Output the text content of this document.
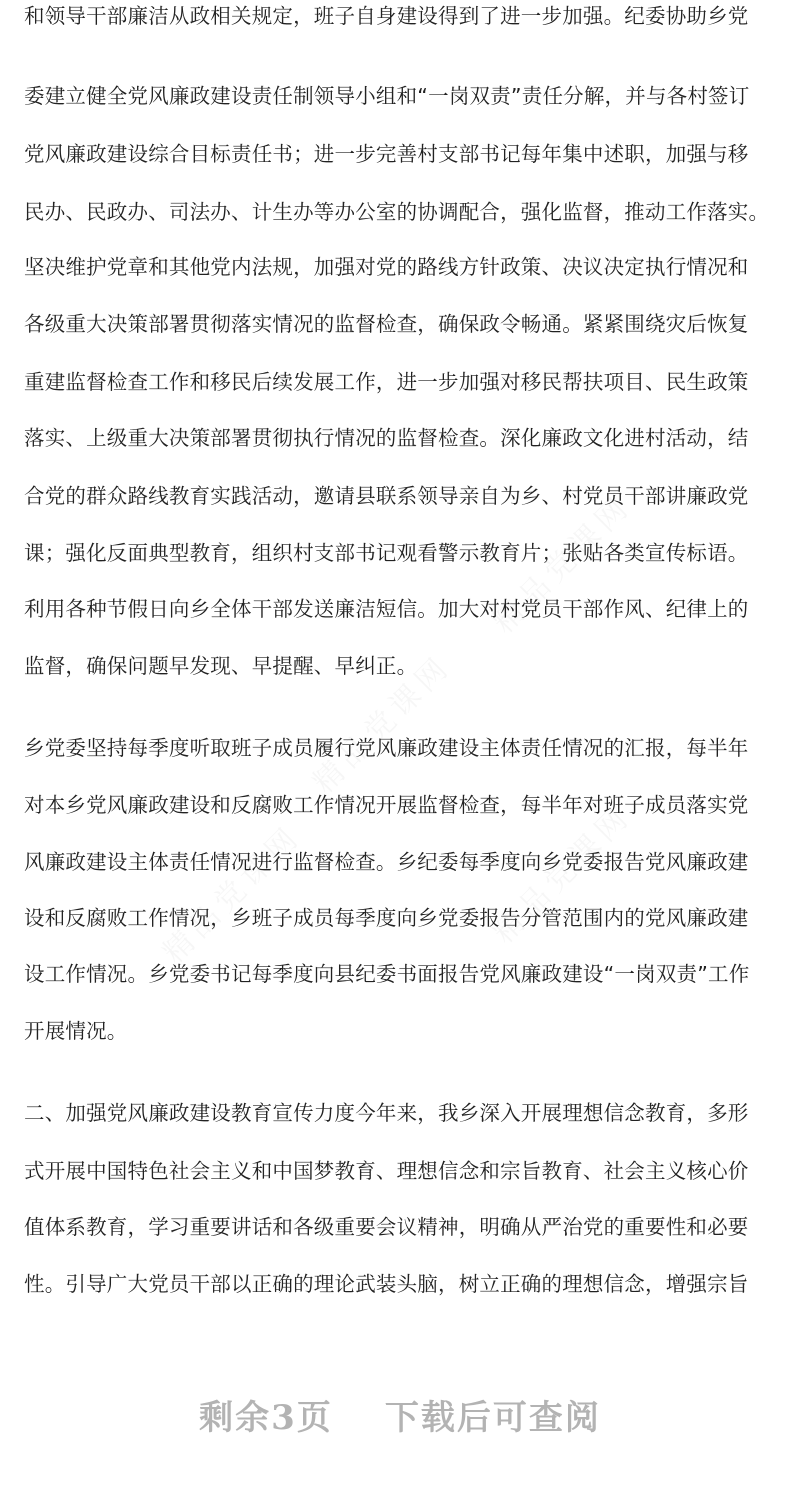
和领导干部廉洁从政相关规定，班子自身建设得到了进一步加强。纪委协助乡党
委建立健全党风廉政建设责任制领导小组和“一岗双责”责任分解，并与各村签订
党风廉政建设综合目标责任书；进一步完善村支部书记每年集中述职，加强与移
民办、民政办、司法办、计生办等办公室的协调配合，强化监督，推动工作落实。
坚决维护党章和其他党内法规，加强对党的路线方针政策、决议决定执行情况和
各级重大决策部署贯彻落实情况的监督检查，确保政令畅通。紧紧围绕灾后恢复
重建监督检查工作和移民后续发展工作，进一步加强对移民帮扶项目、民生政策
落实、上级重大决策部署贯彻执行情况的监督检查。深化廉政文化进村活动，结
合党的群众路线教育实践活动，邀请县联系领导亲自为乡、村党员干部讲廉政党
课；强化反面典型教育，组织村支部书记观看警示教育片；张贴各类宣传标语。
利用各种节假日向乡全体干部发送廉洁短信。加大对村党员干部作风、纪律上的
监督，确保问题早发现、早提醒、早纠正。
乡党委坚持每季度听取班子成员履行党风廉政建设主体责任情况的汇报，每半年
对本乡党风廉政建设和反腐败工作情况开展监督检查，每半年对班子成员落实党
风廉政建设主体责任情况进行监督检查。乡纪委每季度向乡党委报告党风廉政建
设和反腐败工作情况，乡班子成员每季度向乡党委报告分管范围内的党风廉政建
设工作情况。乡党委书记每季度向县纪委书面报告党风廉政建设“一岗双责”工作
开展情况。
二、加强党风廉政建设教育宣传力度今年来，我乡深入开展理想信念教育，多形
式开展中国特色社会主义和中国梦教育、理想信念和宗旨教育、社会主义核心价
值体系教育，学习重要讲话和各级重要会议精神，明确从严治党的重要性和必要
性。引导广大党员干部以正确的理论武装头脑，树立正确的理想信念，增强宗旨
剩余3页 下载后可查阅
